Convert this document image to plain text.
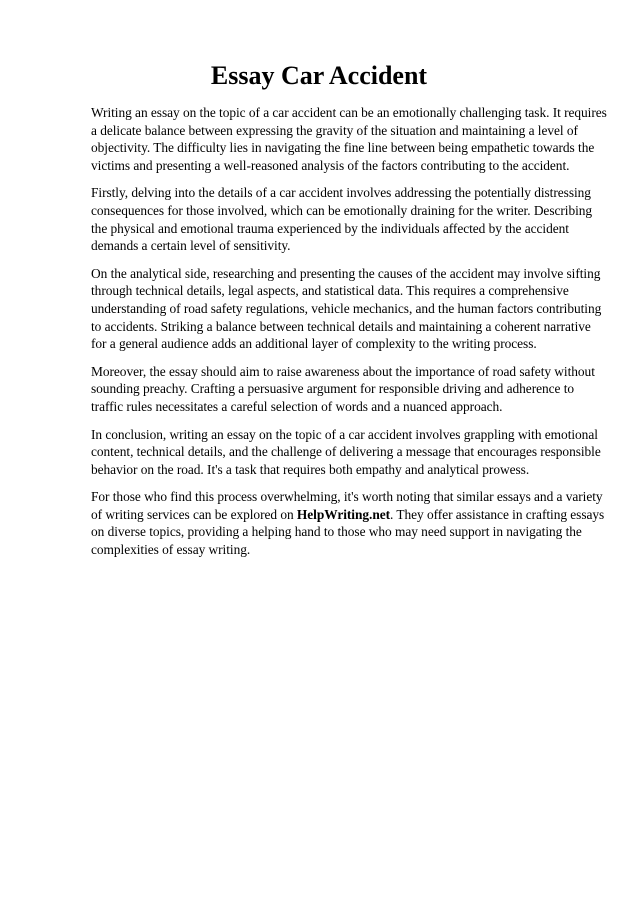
Essay Car Accident

Writing an essay on the topic of a car accident can be an emotionally challenging task. It requires
a delicate balance between expressing the gravity of the situation and maintaining a level of
objectivity. The difficulty lies in navigating the fine line between being empathetic towards the
victims and presenting a well-reasoned analysis of the factors contributing to the accident.

Firstly, delving into the details of a car accident involves addressing the potentially distressing
consequences for those involved, which can be emotionally draining for the writer. Describing
the physical and emotional trauma experienced by the individuals affected by the accident
demands a certain level of sensitivity.

On the analytical side, researching and presenting the causes of the accident may involve sifting
through technical details, legal aspects, and statistical data. This requires a comprehensive
understanding of road safety regulations, vehicle mechanics, and the human factors contributing
to accidents. Striking a balance between technical details and maintaining a coherent narrative
for a general audience adds an additional layer of complexity to the writing process.

Moreover, the essay should aim to raise awareness about the importance of road safety without
sounding preachy. Crafting a persuasive argument for responsible driving and adherence to
traffic rules necessitates a careful selection of words and a nuanced approach.

In conclusion, writing an essay on the topic of a car accident involves grappling with emotional
content, technical details, and the challenge of delivering a message that encourages responsible
behavior on the road. It's a task that requires both empathy and analytical prowess.

For those who find this process overwhelming, it's worth noting that similar essays and a variety
of writing services can be explored on HelpWriting.net. They offer assistance in crafting essays
on diverse topics, providing a helping hand to those who may need support in navigating the
complexities of essay writing.
